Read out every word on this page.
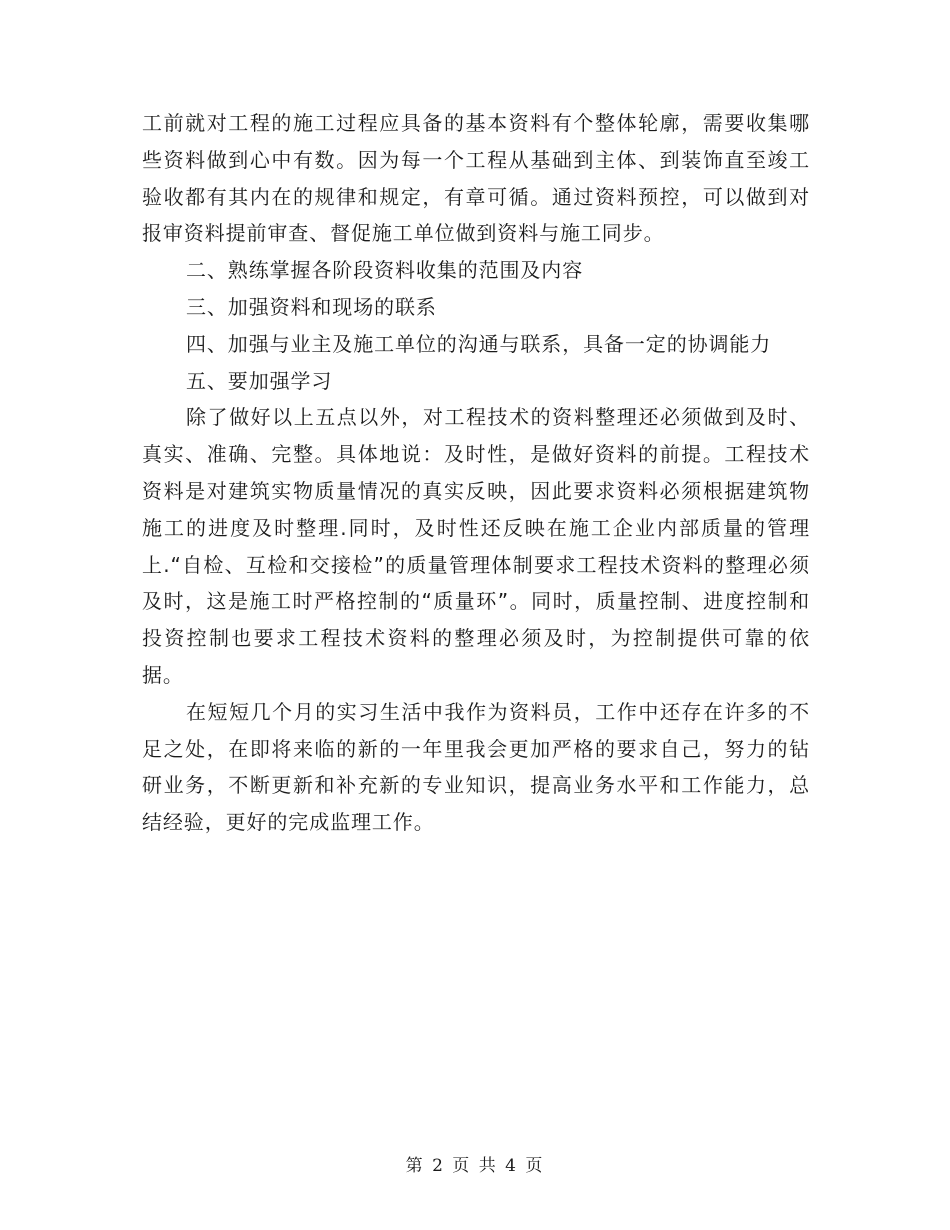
工前就对工程的施工过程应具备的基本资料有个整体轮廓，需要收集哪些资料做到心中有数。因为每一个工程从基础到主体、到装饰直至竣工验收都有其内在的规律和规定，有章可循。通过资料预控，可以做到对报审资料提前审查、督促施工单位做到资料与施工同步。

二、熟练掌握各阶段资料收集的范围及内容

三、加强资料和现场的联系

四、加强与业主及施工单位的沟通与联系，具备一定的协调能力

五、要加强学习

除了做好以上五点以外，对工程技术的资料整理还必须做到及时、真实、准确、完整。具体地说：及时性，是做好资料的前提。工程技术资料是对建筑实物质量情况的真实反映，因此要求资料必须根据建筑物施工的进度及时整理.同时，及时性还反映在施工企业内部质量的管理上.“自检、互检和交接检”的质量管理体制要求工程技术资料的整理必须及时，这是施工时严格控制的“质量环”。同时，质量控制、进度控制和投资控制也要求工程技术资料的整理必须及时，为控制提供可靠的依据。

在短短几个月的实习生活中我作为资料员，工作中还存在许多的不足之处，在即将来临的新的一年里我会更加严格的要求自己，努力的钻研业务，不断更新和补充新的专业知识，提高业务水平和工作能力，总结经验，更好的完成监理工作。

第 2 页 共 4 页
